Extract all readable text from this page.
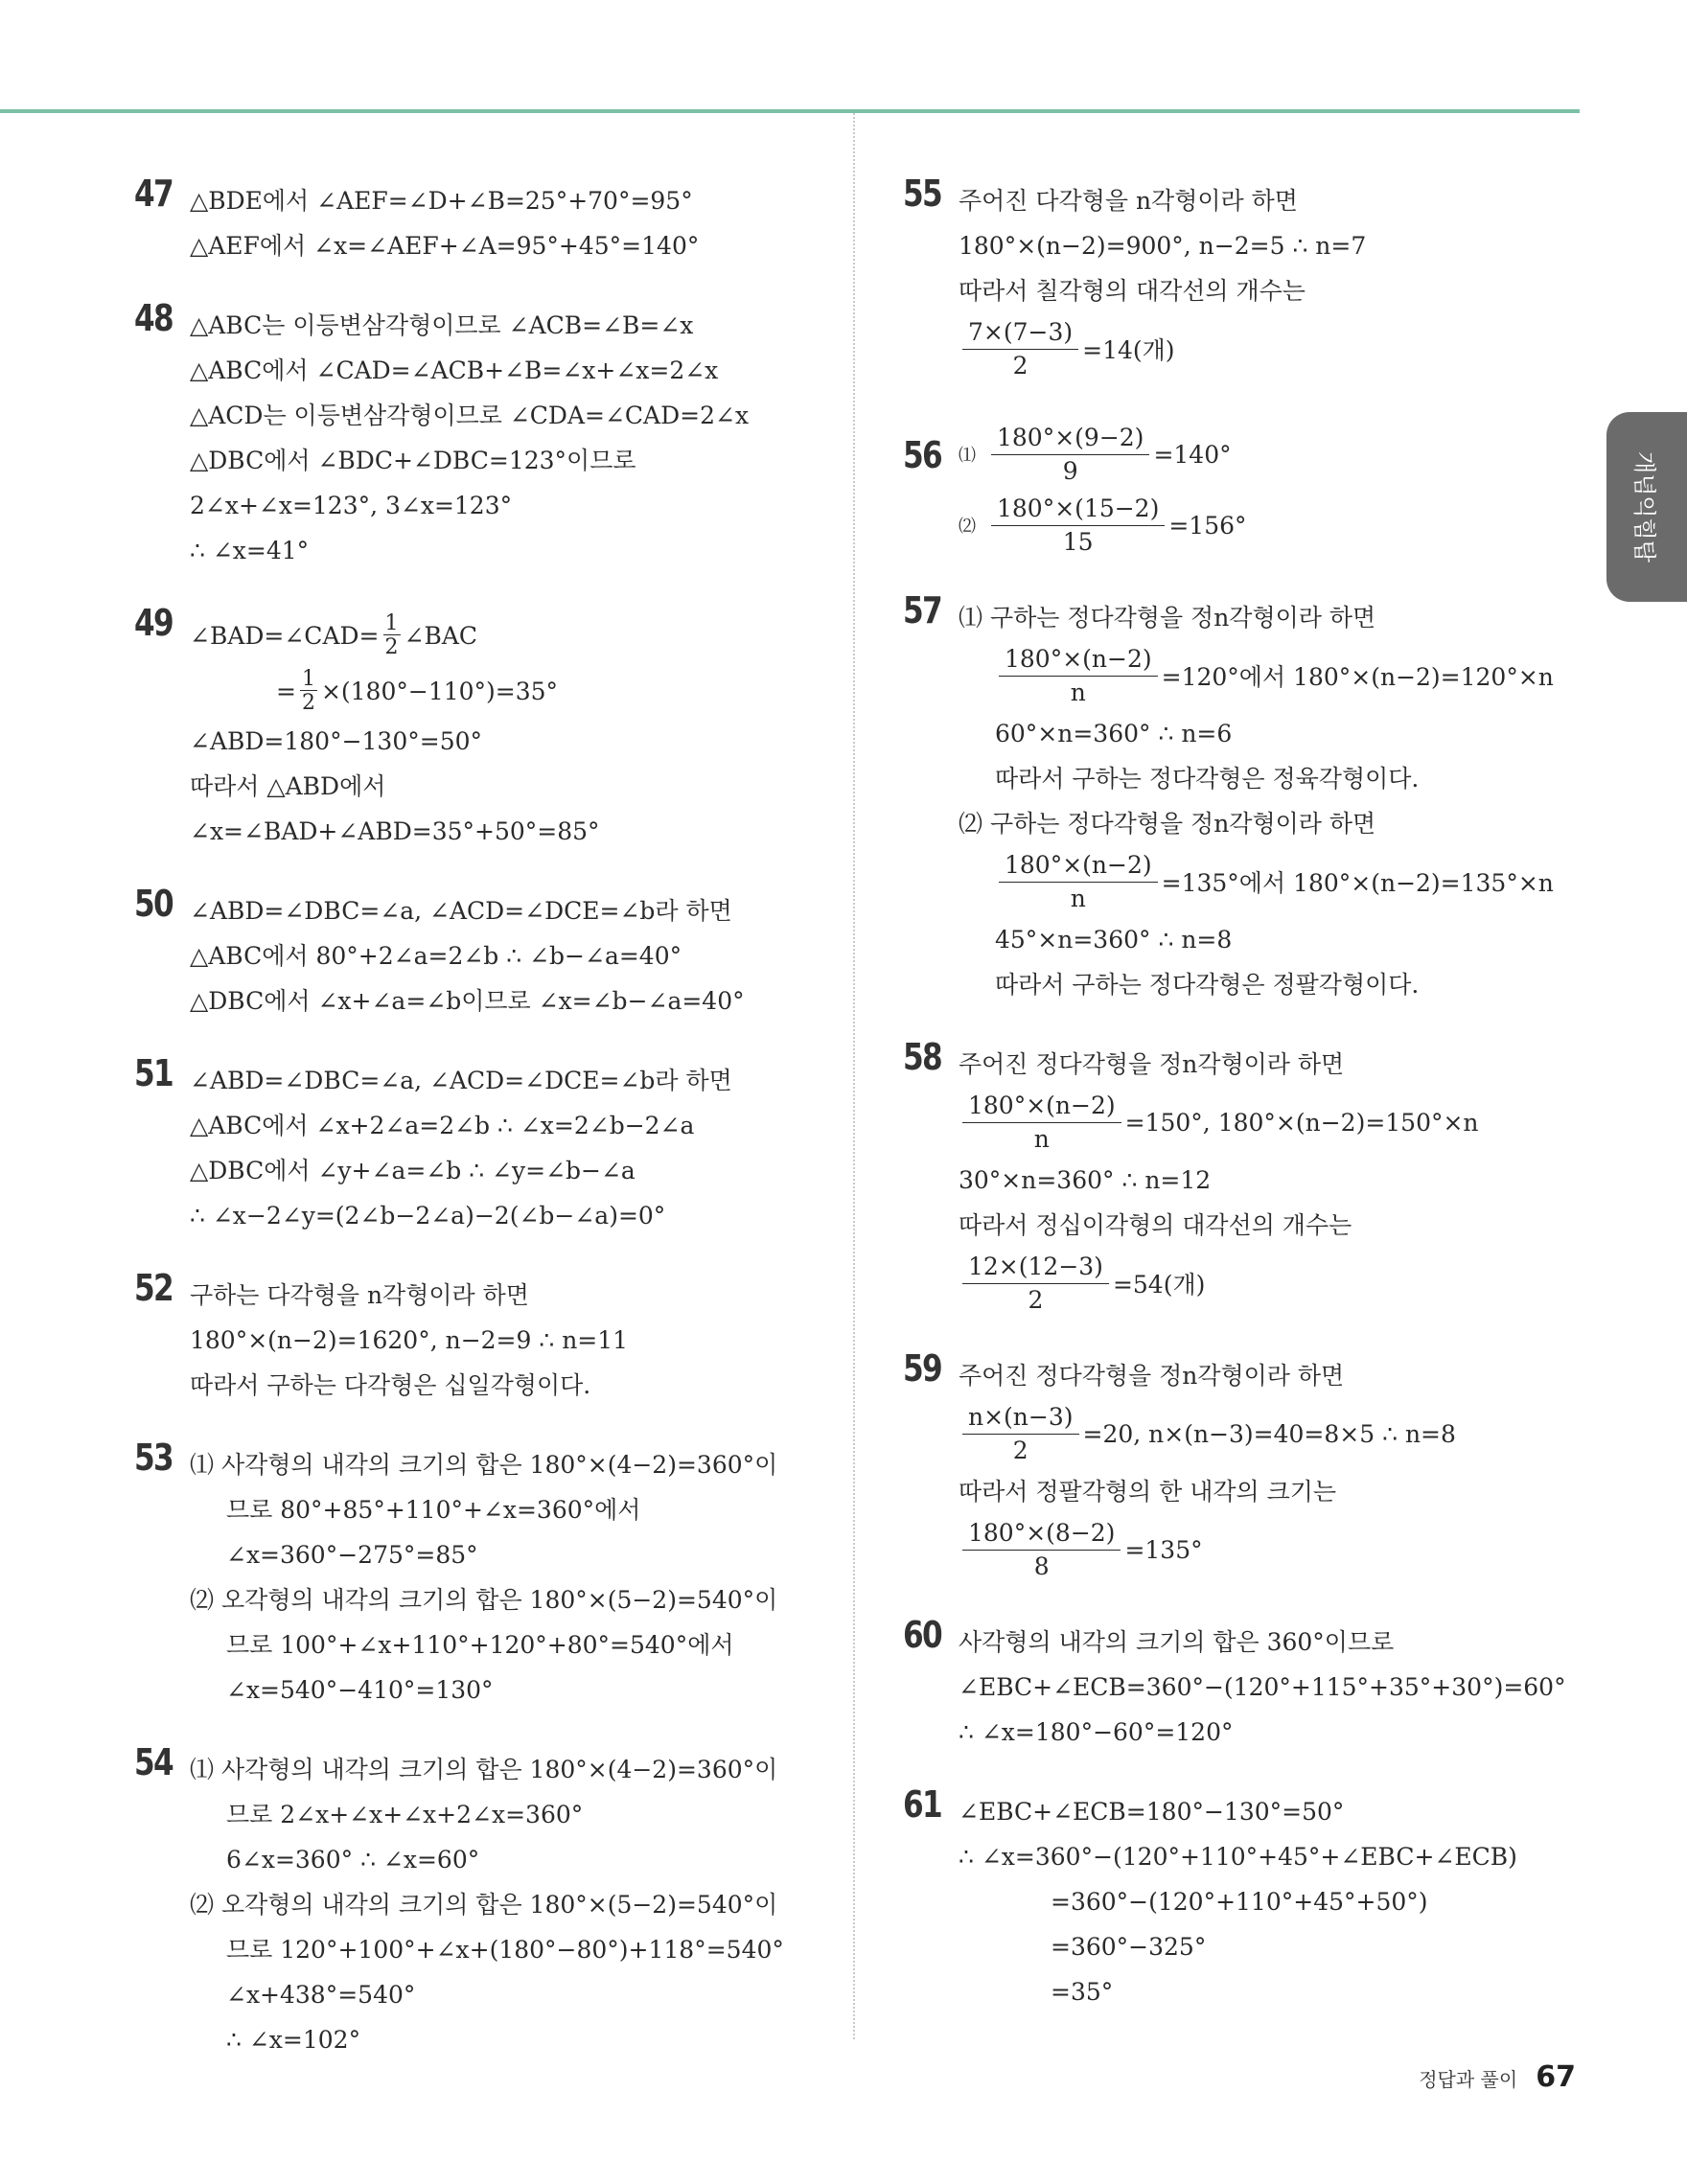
개념익힘탑
47 △BDE에서 ∠AEF=∠D+∠B=25°+70°=95°
△AEF에서 ∠x=∠AEF+∠A=95°+45°=140°
48 △ABC는 이등변삼각형이므로 ∠ACB=∠B=∠x
△ABC에서 ∠CAD=∠ACB+∠B=∠x+∠x=2∠x
△ACD는 이등변삼각형이므로 ∠CDA=∠CAD=2∠x
△DBC에서 ∠BDC+∠DBC=123°이므로
2∠x+∠x=123°, 3∠x=123°
∴ ∠x=41°
49 ∠BAD=∠CAD= $\frac{1}{2}$ ∠BAC
= $\frac{1}{2} \times(180^\circ-110^\circ)=35^\circ$
∠ABD=180°−130°=50°
따라서 △ABD에서
∠x=∠BAD+∠ABD=35°+50°=85°
50 ∠ABD=∠DBC=∠a, ∠ACD=∠DCE=∠b라 하면
△ABC에서 80°+2∠a=2∠b ∴ ∠b−∠a=40°
△DBC에서 ∠x+∠a=∠b이므로 ∠x=∠b−∠a=40°
51 ∠ABD=∠DBC=∠a, ∠ACD=∠DCE=∠b라 하면
△ABC에서 ∠x+2∠a=2∠b ∴ ∠x=2∠b−2∠a
△DBC에서 ∠y+∠a=∠b ∴ ∠y=∠b−∠a
∴ ∠x−2∠y=(2∠b−2∠a)−2(∠b−∠a)=0°
52 구하는 다각형을 n각형이라 하면
180°×(n−2)=1620°, n−2=9 ∴ n=11
따라서 구하는 다각형은 십일각형이다.
53 ⑴ 사각형의 내각의 크기의 합은 180°×(4−2)=360°이
므로 80°+85°+110°+∠x=360°에서
∠x=360°−275°=85°
⑵ 오각형의 내각의 크기의 합은 180°×(5−2)=540°이
므로 100°+∠x+110°+120°+80°=540°에서
∠x=540°−410°=130°
54 ⑴ 사각형의 내각의 크기의 합은 180°×(4−2)=360°이
므로 2∠x+∠x+∠x+2∠x=360°
6∠x=360° ∴ ∠x=60°
⑵ 오각형의 내각의 크기의 합은 180°×(5−2)=540°이
므로 120°+100°+∠x+(180°−80°)+118°=540°
∠x+438°=540°
∴ ∠x=102°
55 주어진 다각형을 n각형이라 하면
180°×(n−2)=900°, n−2=5 ∴ n=7
따라서 칠각형의 대각선의 개수는
$\frac{7\times(7-3)}{2} =14$(개)
56 ⑴ $\frac{180^\circ\times(9-2)}{9} =140^\circ$
⑵ $\frac{180^\circ\times(15-2)}{15} =156^\circ$
57 ⑴ 구하는 정다각형을 정n각형이라 하면
$\frac{180^\circ\times(n-2)}{n} =120^\circ$에서 180°×(n−2)=120°×n
60°×n=360° ∴ n=6
따라서 구하는 정다각형은 정육각형이다.
⑵ 구하는 정다각형을 정n각형이라 하면
$\frac{180^\circ\times(n-2)}{n} =135^\circ$에서 180°×(n−2)=135°×n
45°×n=360° ∴ n=8
따라서 구하는 정다각형은 정팔각형이다.
58 주어진 정다각형을 정n각형이라 하면
$\frac{180^\circ\times(n-2)}{n} =150^\circ$, 180°×(n−2)=150°×n
30°×n=360° ∴ n=12
따라서 정십이각형의 대각선의 개수는
$\frac{12\times(12-3)}{2} =54$(개)
59 주어진 정다각형을 정n각형이라 하면
$\frac{n\times(n-3)}{2} =20$, n×(n−3)=40=8×5 ∴ n=8
따라서 정팔각형의 한 내각의 크기는
$\frac{180^\circ\times(8-2)}{8} =135^\circ$
60 사각형의 내각의 크기의 합은 360°이므로
∠EBC+∠ECB=360°−(120°+115°+35°+30°)=60°
∴ ∠x=180°−60°=120°
61 ∠EBC+∠ECB=180°−130°=50°
∴ ∠x=360°−(120°+110°+45°+∠EBC+∠ECB)
=360°−(120°+110°+45°+50°)
=360°−325°
=35°
정답과 풀이 67
